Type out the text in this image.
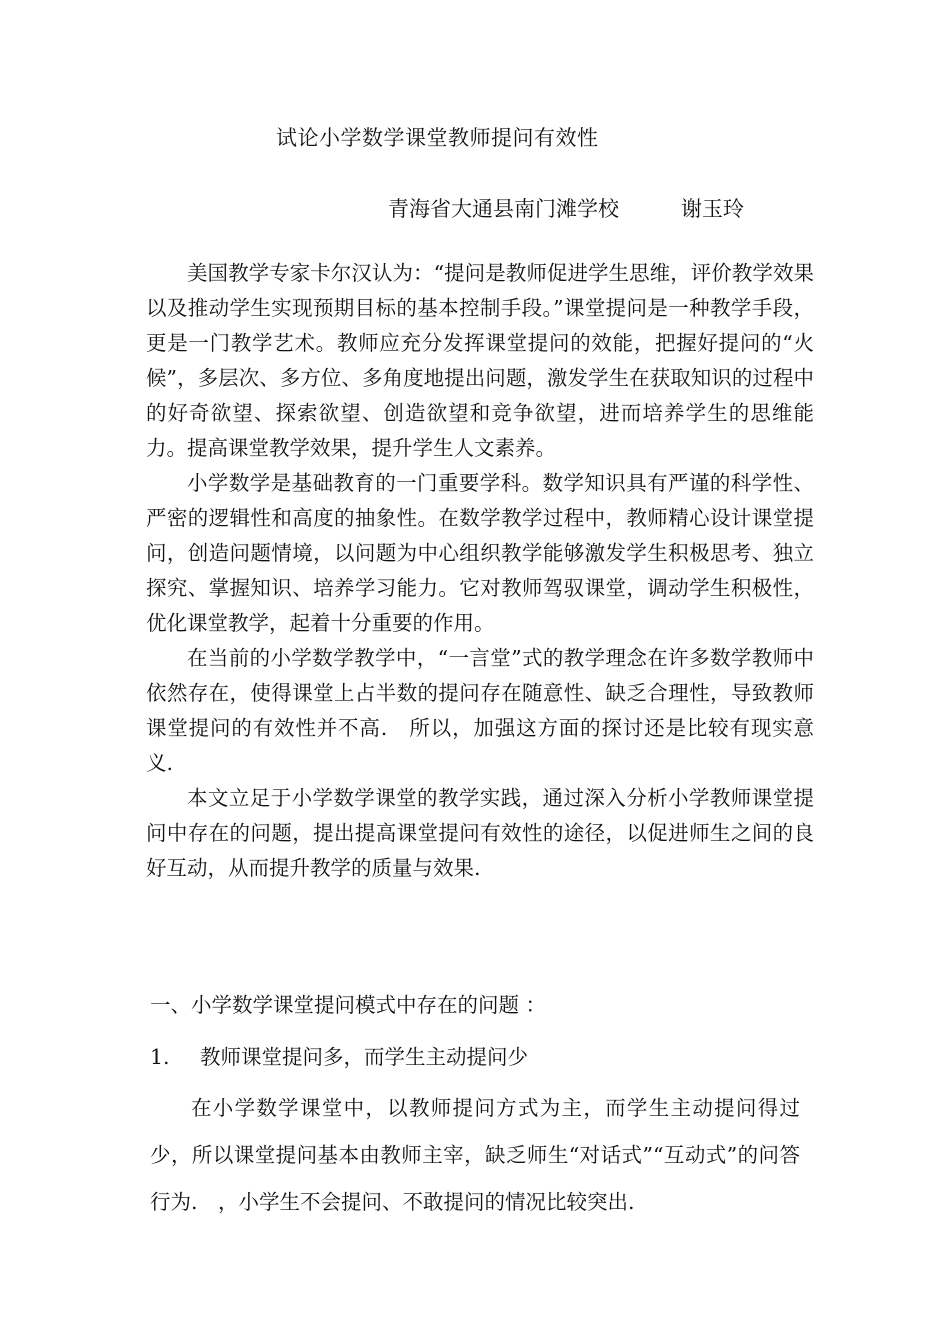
试论小学数学课堂教师提问有效性
青海省大通县南门滩学校	谢玉玲

美国教学专家卡尔汉认为：“提问是教师促进学生思维，评价教学效果以及推动学生实现预期目标的基本控制手段。”课堂提问是一种教学手段，更是一门教学艺术。教师应充分发挥课堂提问的效能，把握好提问的“火候”，多层次、多方位、多角度地提出问题，激发学生在获取知识的过程中的好奇欲望、探索欲望、创造欲望和竞争欲望，进而培养学生的思维能力。提高课堂教学效果，提升学生人文素养。

小学数学是基础教育的一门重要学科。数学知识具有严谨的科学性、严密的逻辑性和高度的抽象性。在数学教学过程中，教师精心设计课堂提问，创造问题情境，以问题为中心组织教学能够激发学生积极思考、独立探究、掌握知识、培养学习能力。它对教师驾驭课堂，调动学生积极性，优化课堂教学，起着十分重要的作用。

在当前的小学数学教学中，“一言堂”式的教学理念在许多数学教师中依然存在，使得课堂上占半数的提问存在随意性、缺乏合理性，导致教师课堂提问的有效性并不高.　所以，加强这方面的探讨还是比较有现实意义.

本文立足于小学数学课堂的教学实践，通过深入分析小学教师课堂提问中存在的问题，提出提高课堂提问有效性的途径，以促进师生之间的良好互动，从而提升教学的质量与效果.

一、小学数学课堂提问模式中存在的问题 ：
1. 教师课堂提问多，而学生主动提问少

在小学数学课堂中，以教师提问方式为主，而学生主动提问得过少，所以课堂提问基本由教师主宰，缺乏师生“对话式”“互动式”的问答行为.　，小学生不会提问、不敢提问的情况比较突出.
